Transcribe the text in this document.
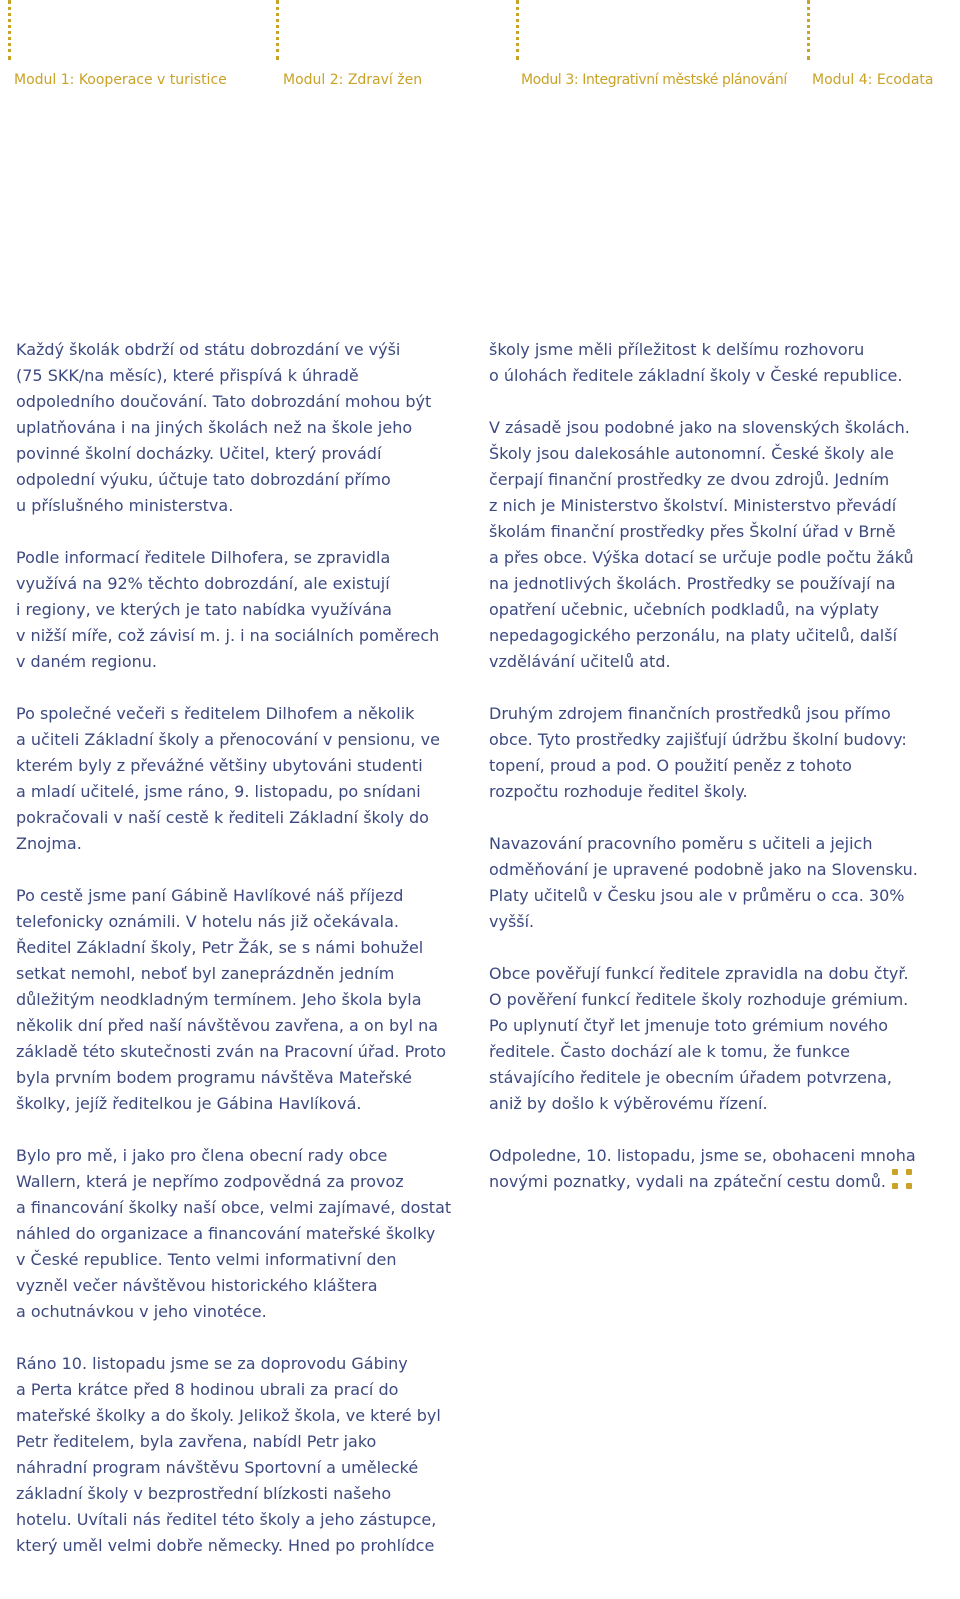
Modul 1: Kooperace v turistice	Modul 2: Zdraví žen	Modul 3: Integrativní městské plánování Modul 4: Ecodata

Každý školák obdrží od státu dobrozdání ve výši
(75 SKK/na měsíc), které přispívá k úhradě
odpoledního doučování. Tato dobrozdání mohou být
uplatňována i na jiných školách než na škole jeho
povinné školní docházky. Učitel, který provádí
odpolední výuku, účtuje tato dobrozdání přímo
u příslušného ministerstva.

Podle informací ředitele Dilhofera, se zpravidla
využívá na 92% těchto dobrozdání, ale existují
i regiony, ve kterých je tato nabídka využívána
v nižší míře, což závisí m. j. i na sociálních poměrech
v daném regionu.

Po společné večeři s ředitelem Dilhofem a několik
a učiteli Základní školy a přenocování v pensionu, ve
kterém byly z převážné většiny ubytováni studenti
a mladí učitelé, jsme ráno, 9. listopadu, po snídani
pokračovali v naší cestě k řediteli Základní školy do
Znojma.

Po cestě jsme paní Gábině Havlíkové náš příjezd
telefonicky oznámili. V hotelu nás již očekávala.
Ředitel Základní školy, Petr Žák, se s námi bohužel
setkat nemohl, neboť byl zaneprázdněn jedním
důležitým neodkladným termínem. Jeho škola byla
několik dní před naší návštěvou zavřena, a on byl na
základě této skutečnosti zván na Pracovní úřad. Proto
byla prvním bodem programu návštěva Mateřské
školky, jejíž ředitelkou je Gábina Havlíková.

Bylo pro mě, i jako pro člena obecní rady obce
Wallern, která je nepřímo zodpovědná za provoz
a financování školky naší obce, velmi zajímavé, dostat
náhled do organizace a financování mateřské školky
v České republice. Tento velmi informativní den
vyzněl večer návštěvou historického kláštera
a ochutnávkou v jeho vinotéce.

Ráno 10. listopadu jsme se za doprovodu Gábiny
a Perta krátce před 8 hodinou ubrali za prací do
mateřské školky a do školy. Jelikož škola, ve které byl
Petr ředitelem, byla zavřena, nabídl Petr jako
náhradní program návštěvu Sportovní a umělecké
základní školy v bezprostřední blízkosti našeho
hotelu. Uvítali nás ředitel této školy a jeho zástupce,
který uměl velmi dobře německy. Hned po prohlídce

školy jsme měli příležitost k delšímu rozhovoru
o úlohách ředitele základní školy v České republice.

V zásadě jsou podobné jako na slovenských školách.
Školy jsou dalekosáhle autonomní. České školy ale
čerpají finanční prostředky ze dvou zdrojů. Jedním
z nich je Ministerstvo školství. Ministerstvo převádí
školám finanční prostředky přes Školní úřad v Brně
a přes obce. Výška dotací se určuje podle počtu žáků
na jednotlivých školách. Prostředky se používají na
opatření učebnic, učebních podkladů, na výplaty
nepedagogického perzonálu, na platy učitelů, další
vzdělávání učitelů atd.

Druhým zdrojem finančních prostředků jsou přímo
obce. Tyto prostředky zajišťují údržbu školní budovy:
topení, proud a pod. O použití peněz z tohoto
rozpočtu rozhoduje ředitel školy.

Navazování pracovního poměru s učiteli a jejich
odměňování je upravené podobně jako na Slovensku.
Platy učitelů v Česku jsou ale v průměru o cca. 30%
vyšší.

Obce pověřují funkcí ředitele zpravidla na dobu čtyř.
O pověření funkcí ředitele školy rozhoduje grémium.
Po uplynutí čtyř let jmenuje toto grémium nového
ředitele. Často dochází ale k tomu, že funkce
stávajícího ředitele je obecním úřadem potvrzena,
aniž by došlo k výběrovému řízení.

Odpoledne, 10. listopadu, jsme se, obohaceni mnoha
novými poznatky, vydali na zpáteční cestu domů.
